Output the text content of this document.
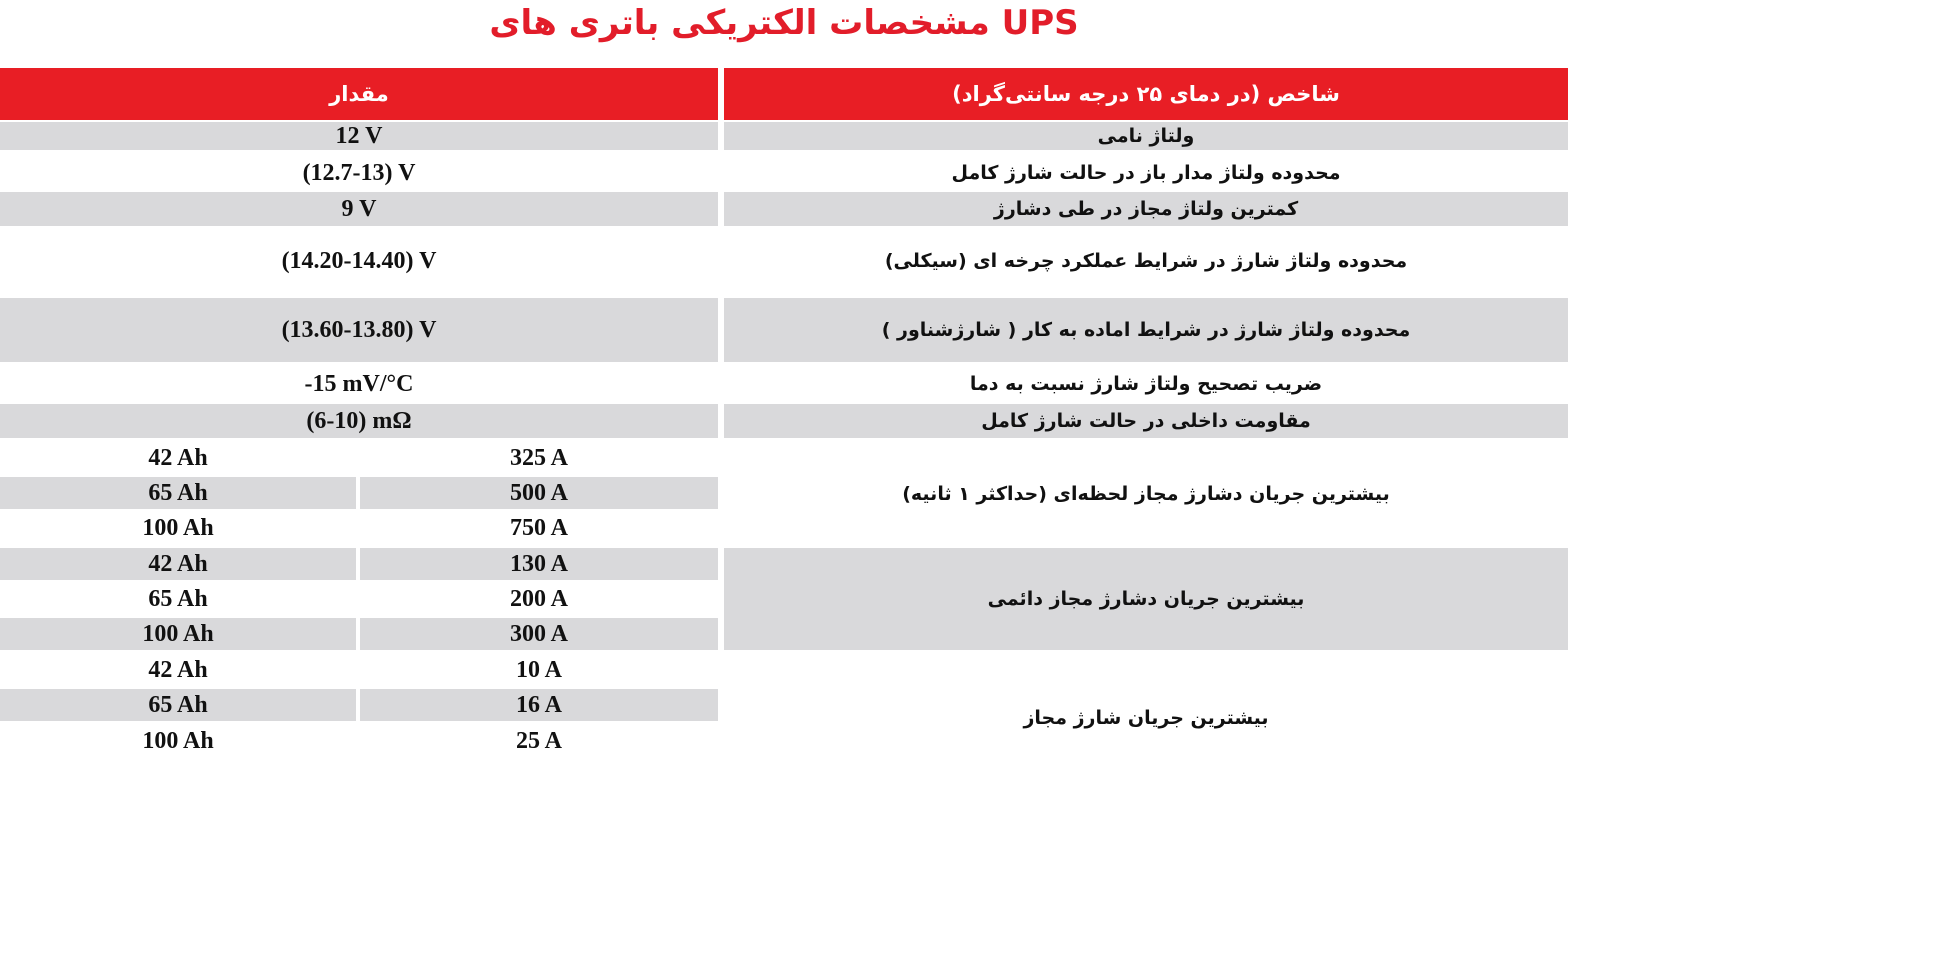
مشخصات الکتریکی باتری های UPS
مقدار	شاخص (در دمای ۲۵ درجه سانتی‌گراد)
12 V	ولتاژ نامی
(12.7-13) V	محدوده ولتاژ مدار باز در حالت شارژ کامل
9 V	کمترین ولتاژ مجاز در طی دشارژ
(14.20-14.40) V	محدوده ولتاژ شارژ در شرایط عملکرد چرخه ای (سیکلی)
(13.60-13.80) V	محدوده ولتاژ شارژ در شرایط اماده به کار ( شارژشناور )
-15 mV/°C	ضریب تصحیح ولتاژ شارژ نسبت به دما
(6-10) mΩ	مقاومت داخلی در حالت شارژ کامل
بیشترین جریان دشارژ مجاز لحظه‌ای (حداکثر ۱ ثانیه)
42 Ah	325 A
65 Ah	500 A
100 Ah	750 A
بیشترین جریان دشارژ مجاز دائمی
42 Ah	130 A
65 Ah	200 A
100 Ah	300 A
بیشترین جریان شارژ مجاز
42 Ah	10 A
65 Ah	16 A
100 Ah	25 A
